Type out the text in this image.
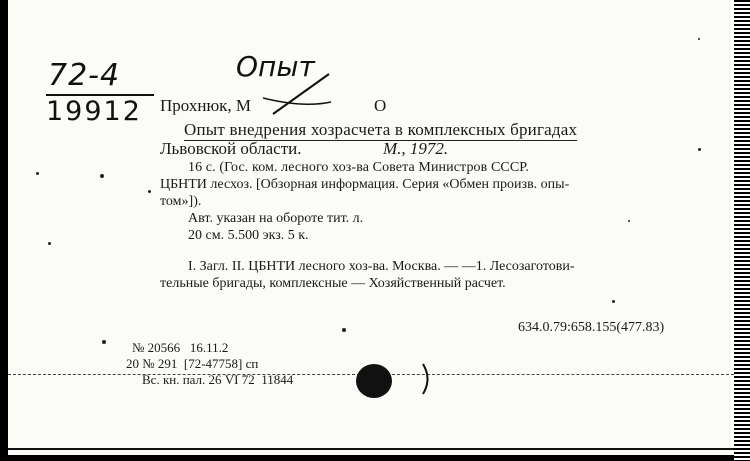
72-4
19912
Опыт
О
Прохнюк, М
Опыт внедрения хозрасчета в комплексных бригадах
Львовской области.	М., 1972.
16 с. (Гос. ком. лесного хоз-ва Совета Министров СССР.
ЦБНТИ лесхоз. [Обзорная информация. Серия «Обмен произв. опы-
том»]).
Авт. указан на обороте тит. л.
20 см. 5.500 экз. 5 к.
I. Загл. II. ЦБНТИ лесного хоз-ва. Москва. — —1. Лесозаготови-
тельные бригады, комплексные — Хозяйственный расчет.
634.0.79:658.155(477.83)
№ 20566   16.11.2
20 № 291  [72-47758] сп
Вс. кн. пал. 26 VI 72  11844
